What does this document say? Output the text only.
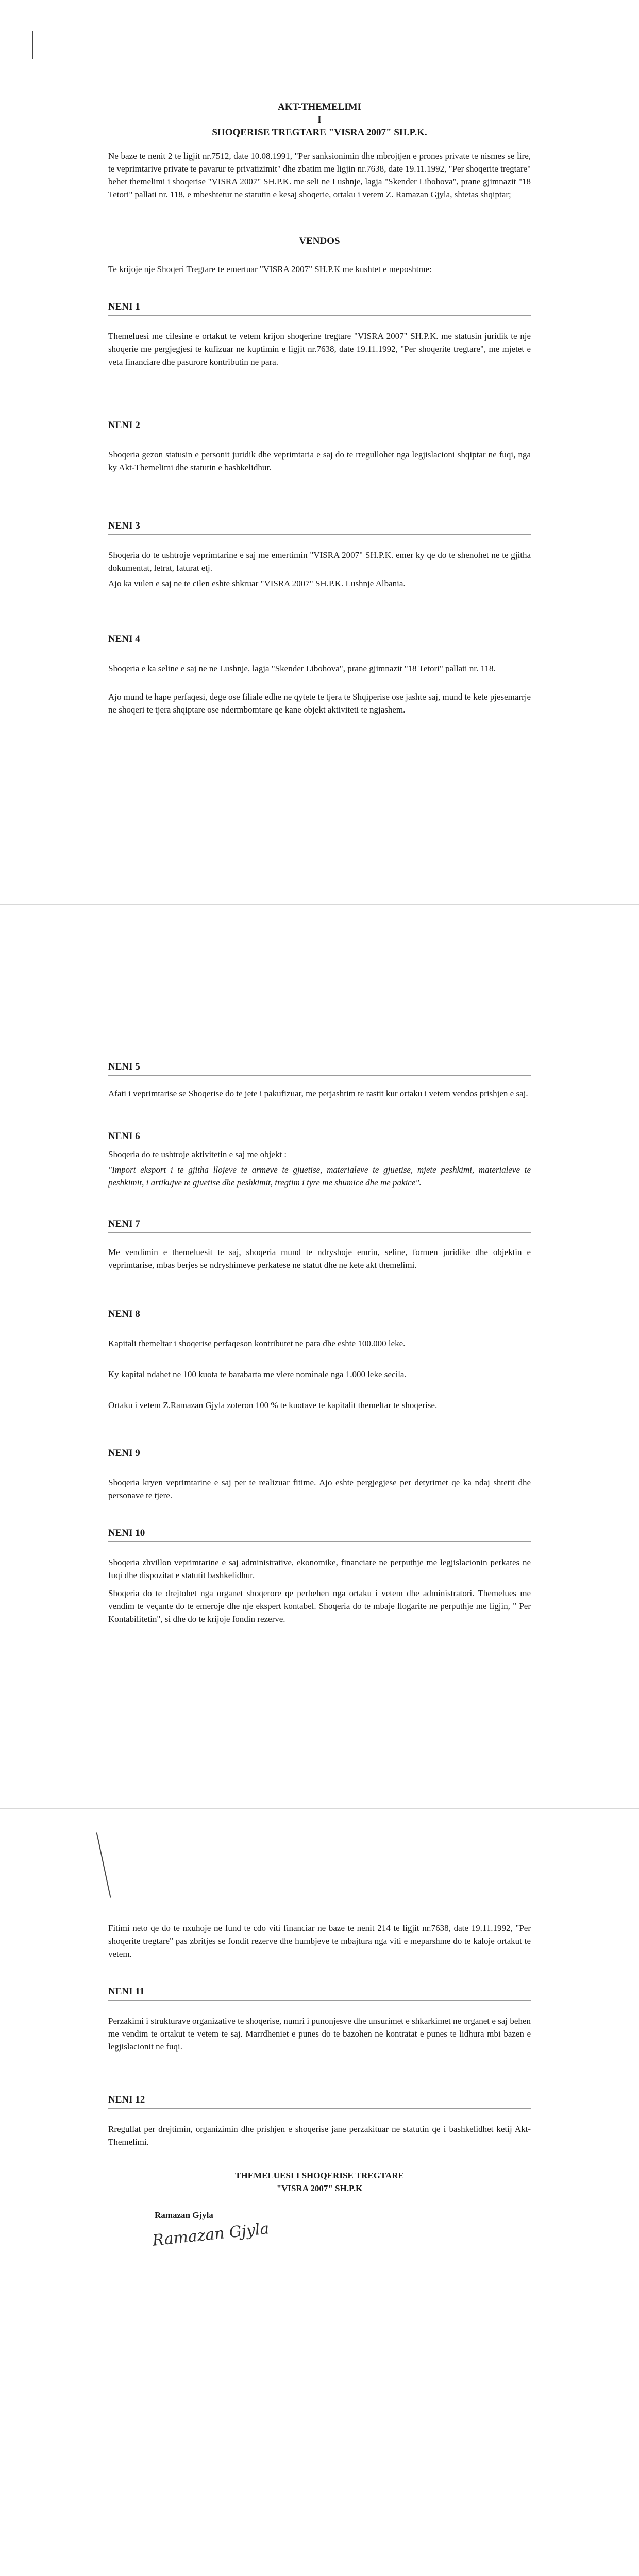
AKT-THEMELIMI
I
SHOQERISE TREGTARE "VISRA 2007" SH.P.K.
Ne baze te nenit 2 te ligjit nr.7512, date 10.08.1991, "Per sanksionimin dhe mbrojtjen e prones private te nismes se lire, te veprimtarive private te pavarur te privatizimit" dhe zbatim me ligjin nr.7638, date 19.11.1992, "Per shoqerite tregtare" behet themelimi i shoqerise "VISRA 2007" SH.P.K. me seli ne Lushnje, lagja "Skender Libohova", prane gjimnazit "18 Tetori" pallati nr. 118, e mbeshtetur ne statutin e kesaj shoqerie, ortaku i vetem Z. Ramazan Gjyla, shtetas shqiptar;
VENDOS
Te krijoje nje Shoqeri Tregtare te emertuar "VISRA 2007" SH.P.K me kushtet e meposhtme:
NENI 1
Themeluesi me cilesine e ortakut te vetem krijon shoqerine tregtare "VISRA 2007" SH.P.K. me statusin juridik te nje shoqerie me pergjegjesi te kufizuar ne kuptimin e ligjit nr.7638, date 19.11.1992, "Per shoqerite tregtare", me mjetet e veta financiare dhe pasurore kontributin ne para.
NENI 2
Shoqeria gezon statusin e personit juridik dhe veprimtaria e saj do te rregullohet nga legjislacioni shqiptar ne fuqi, nga ky Akt-Themelimi dhe statutin e bashkelidhur.
NENI 3
Shoqeria do te ushtroje veprimtarine e saj me emertimin "VISRA 2007" SH.P.K. emer ky qe do te shenohet ne te gjitha dokumentat, letrat, faturat etj.
Ajo ka vulen e saj ne te cilen eshte shkruar "VISRA 2007" SH.P.K. Lushnje Albania.
NENI 4
Shoqeria e ka seline e saj ne ne Lushnje, lagja "Skender Libohova", prane gjimnazit "18 Tetori" pallati nr. 118.
Ajo mund te hape perfaqesi, dege ose filiale edhe ne qytete te tjera te Shqiperise ose jashte saj, mund te kete pjesemarrje ne shoqeri te tjera shqiptare ose ndermbomtare qe kane objekt aktiviteti te ngjashem.
NENI 5
Afati i veprimtarise se Shoqerise do te jete i pakufizuar, me perjashtim te rastit kur ortaku i vetem vendos prishjen e saj.
NENI 6
Shoqeria do te ushtroje aktivitetin e saj me objekt :
"Import eksport i te gjitha llojeve te armeve te gjuetise, materialeve te gjuetise, mjete peshkimi, materialeve te peshkimit, i artikujve te gjuetise dhe peshkimit, tregtim i tyre me shumice dhe me pakice".
NENI 7
Me vendimin e themeluesit te saj, shoqeria mund te ndryshoje emrin, seline, formen juridike dhe objektin e veprimtarise, mbas berjes se ndryshimeve perkatese ne statut dhe ne kete akt themelimi.
NENI 8
Kapitali themeltar i shoqerise perfaqeson kontributet ne para dhe eshte 100.000 leke.
Ky kapital ndahet ne 100 kuota te barabarta me vlere nominale nga 1.000 leke secila.
Ortaku i vetem Z.Ramazan Gjyla zoteron 100 % te kuotave te kapitalit themeltar te shoqerise.
NENI 9
Shoqeria kryen veprimtarine e saj per te realizuar fitime. Ajo eshte pergjegjese per detyrimet qe ka ndaj shtetit dhe personave te tjere.
NENI 10
Shoqeria zhvillon veprimtarine e saj administrative, ekonomike, financiare ne perputhje me legjislacionin perkates ne fuqi dhe dispozitat e statutit bashkelidhur.
Shoqeria do te drejtohet nga organet shoqerore qe perbehen nga ortaku i vetem dhe administratori. Themelues me vendim te veçante do te emeroje dhe nje ekspert kontabel. Shoqeria do te mbaje llogarite ne perputhje me ligjin, " Per Kontabilitetin", si dhe do te krijoje fondin rezerve.
Fitimi neto qe do te nxuhoje ne fund te cdo viti financiar ne baze te nenit 214 te ligjit nr.7638, date 19.11.1992, "Per shoqerite tregtare" pas zbritjes se fondit rezerve dhe humbjeve te mbajtura nga viti e meparshme do te kaloje ortakut te vetem.
NENI 11
Perzakimi i strukturave organizative te shoqerise, numri i punonjesve dhe unsurimet e shkarkimet ne organet e saj behen me vendim te ortakut te vetem te saj. Marrdheniet e punes do te bazohen ne kontratat e punes te lidhura mbi bazen e legjislacionit ne fuqi.
NENI 12
Rregullat per drejtimin, organizimin dhe prishjen e shoqerise jane perzakituar ne statutin qe i bashkelidhet ketij Akt-Themelimi.
THEMELUESI I SHOQERISE TREGTARE
"VISRA 2007" SH.P.K
Ramazan Gjyla
Ramazan Gjyla
